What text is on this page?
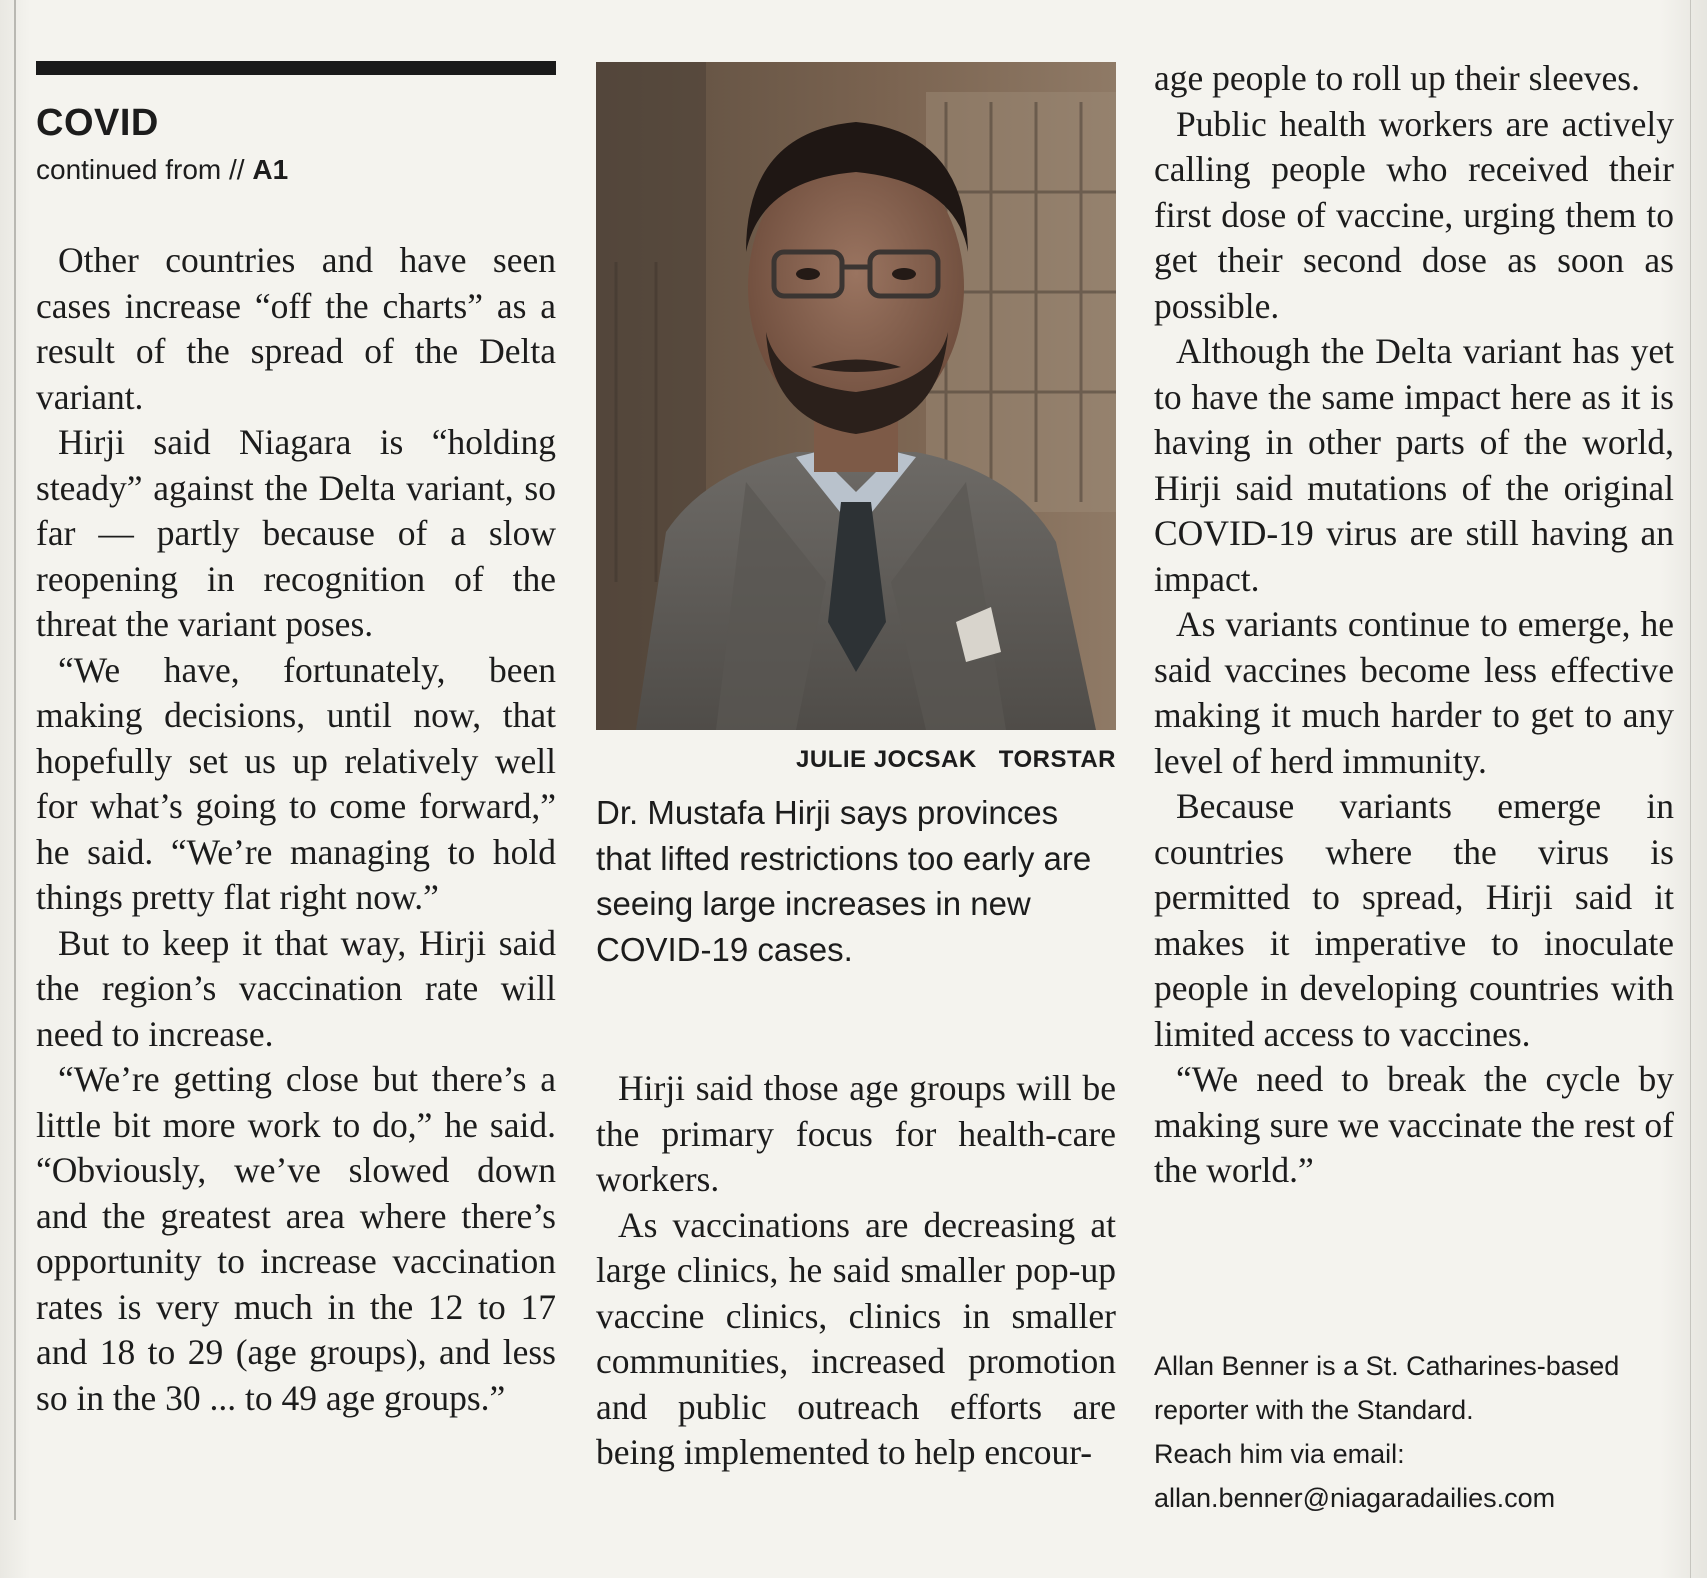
COVID
continued from // A1

Other countries and have seen cases increase “off the charts” as a result of the spread of the Delta variant.

Hirji said Niagara is “holding steady” against the Delta variant, so far — partly because of a slow reopening in recognition of the threat the variant poses.

“We have, fortunately, been making decisions, until now, that hopefully set us up relatively well for what’s going to come forward,” he said. “We’re managing to hold things pretty flat right now.”

But to keep it that way, Hirji said the region’s vaccination rate will need to increase.

“We’re getting close but there’s a little bit more work to do,” he said. “Obviously, we’ve slowed down and the greatest area where there’s opportunity to increase vaccination rates is very much in the 12 to 17 and 18 to 29 (age groups), and less so in the 30 ... to 49 age groups.”

JULIE JOCSAK TORSTAR
Dr. Mustafa Hirji says provinces that lifted restrictions too early are seeing large increases in new COVID-19 cases.

Hirji said those age groups will be the primary focus for health-care workers.

As vaccinations are decreasing at large clinics, he said smaller pop-up vaccine clinics, clinics in smaller communities, increased promotion and public outreach efforts are being implemented to help encour-

age people to roll up their sleeves.

Public health workers are actively calling people who received their first dose of vaccine, urging them to get their second dose as soon as possible.

Although the Delta variant has yet to have the same impact here as it is having in other parts of the world, Hirji said mutations of the original COVID-19 virus are still having an impact.

As variants continue to emerge, he said vaccines become less effective making it much harder to get to any level of herd immunity.

Because variants emerge in countries where the virus is permitted to spread, Hirji said it makes it imperative to inoculate people in developing countries with limited access to vaccines.

“We need to break the cycle by making sure we vaccinate the rest of the world.”

Allan Benner is a St. Catharines-based reporter with the Standard.
Reach him via email:
allan.benner@niagaradailies.com
